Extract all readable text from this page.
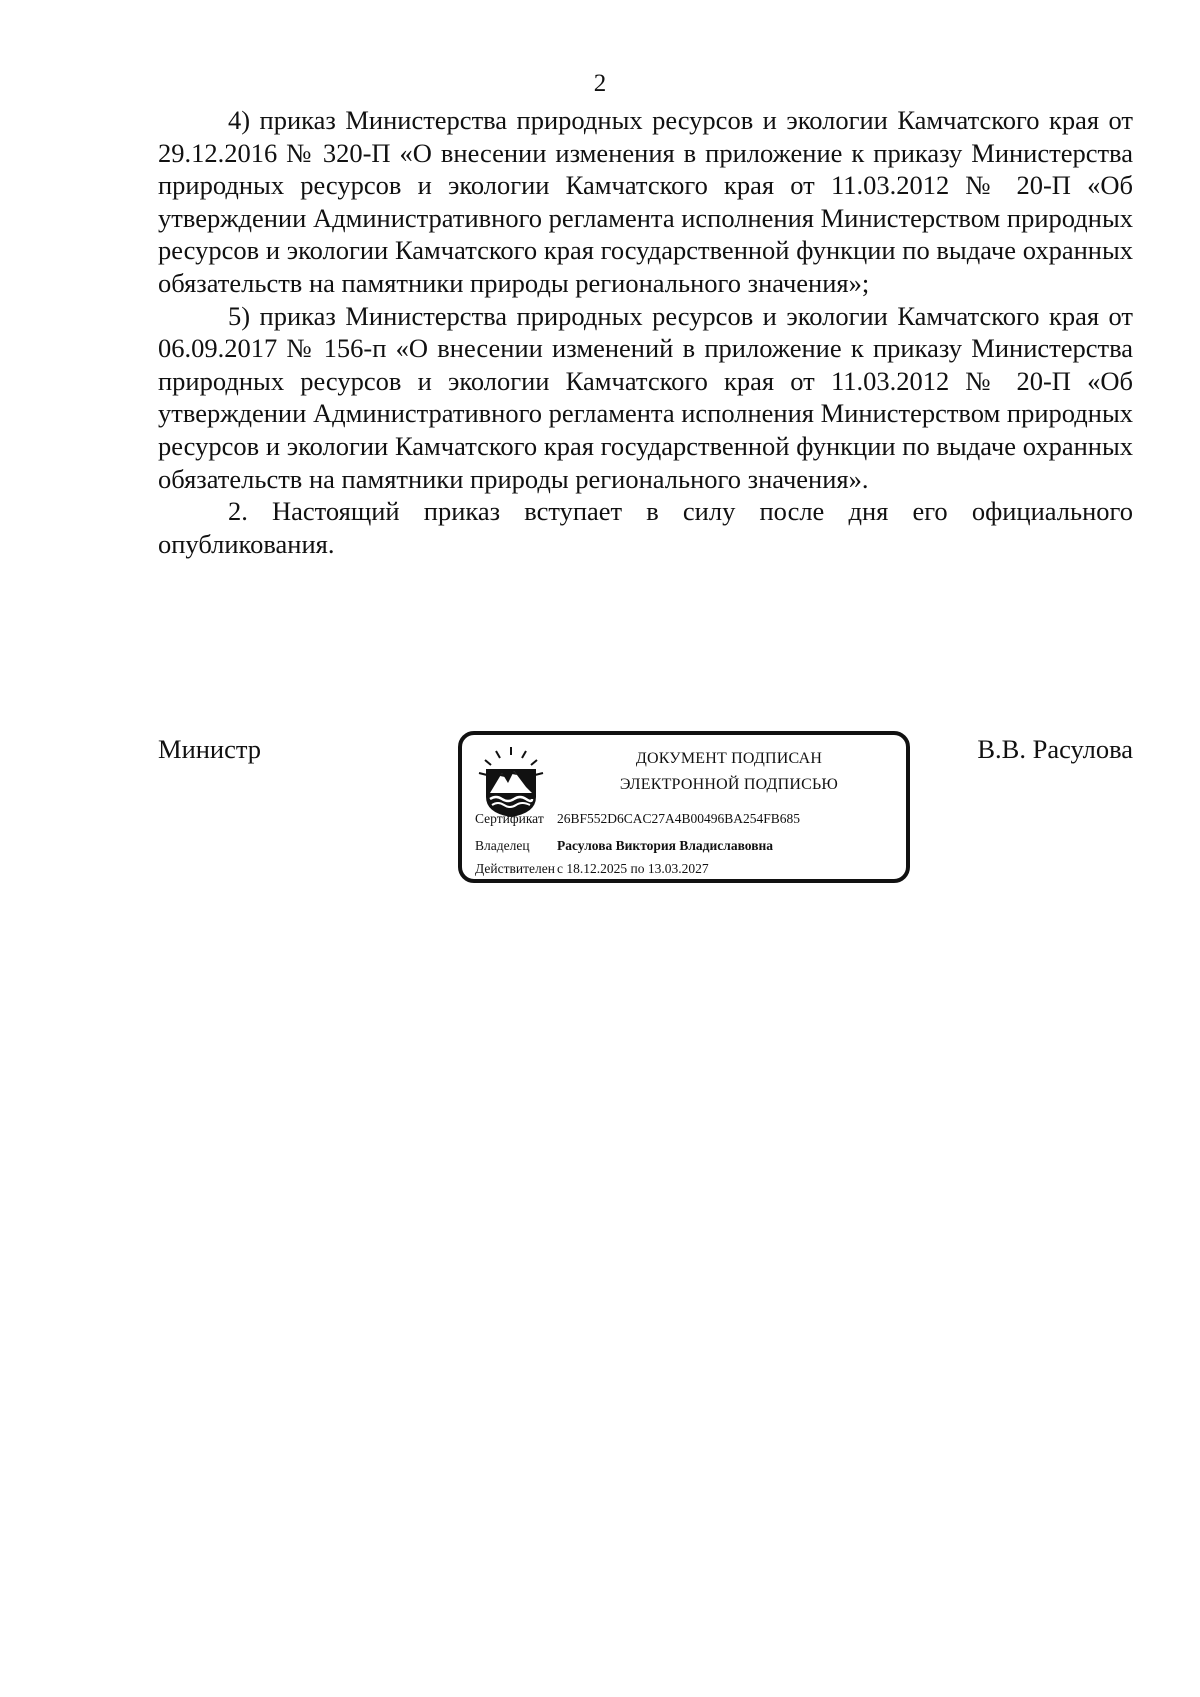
2

4) приказ Министерства природных ресурсов и экологии Камчатского края от 29.12.2016 № 320-П «О внесении изменения в приложение к приказу Министерства природных ресурсов и экологии Камчатского края от 11.03.2012 № 20-П «Об утверждении Административного регламента исполнения Министерством природных ресурсов и экологии Камчатского края государственной функции по выдаче охранных обязательств на памятники природы регионального значения»;

5) приказ Министерства природных ресурсов и экологии Камчатского края от 06.09.2017 № 156-п «О внесении изменений в приложение к приказу Министерства природных ресурсов и экологии Камчатского края от 11.03.2012 № 20-П «Об утверждении Административного регламента исполнения Министерством природных ресурсов и экологии Камчатского края государственной функции по выдаче охранных обязательств на памятники природы регионального значения».

2. Настоящий приказ вступает в силу после дня его официального опубликования.

Министр	ДОКУМЕНТ ПОДПИСАН
ЭЛЕКТРОННОЙ ПОДПИСЬЮ
Сертификат 26BF552D6CAC27A4B00496BA254FB685
Владелец Расулова Виктория Владиславовна
Действителен с 18.12.2025 по 13.03.2027
В.В. Расулова
